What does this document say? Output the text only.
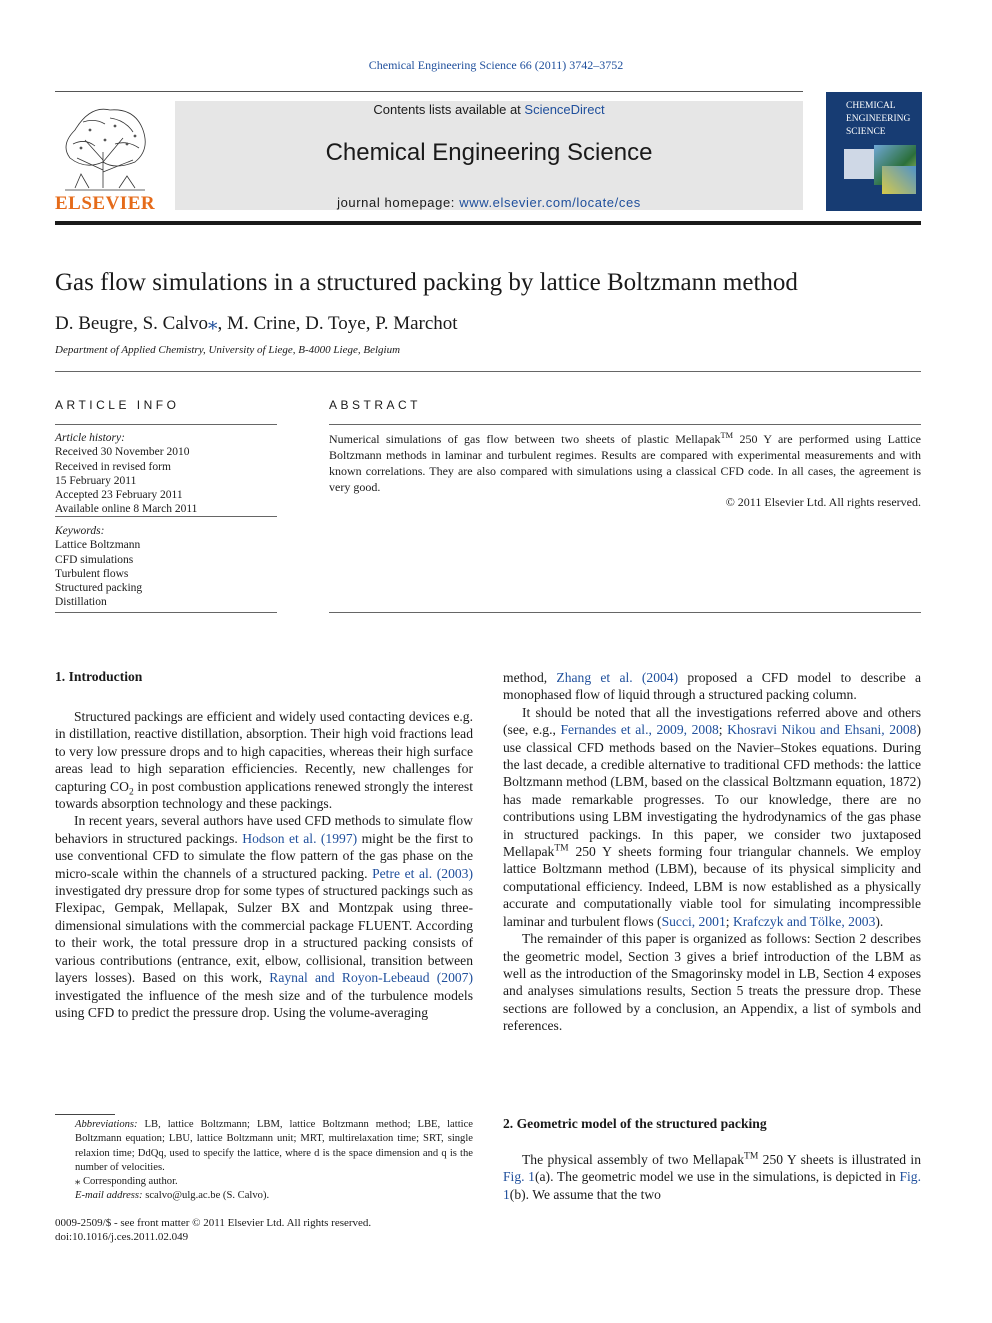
Chemical Engineering Science 66 (2011) 3742–3752
ELSEVIER
Contents lists available at ScienceDirect
Chemical Engineering Science
journal homepage: www.elsevier.com/locate/ces
CHEMICAL
ENGINEERING
SCIENCE
Gas flow simulations in a structured packing by lattice Boltzmann method
D. Beugre, S. Calvo⁎, M. Crine, D. Toye, P. Marchot
Department of Applied Chemistry, University of Liege, B-4000 Liege, Belgium
ARTICLE INFO	ABSTRACT
Article history:
Received 30 November 2010
Received in revised form
15 February 2011
Accepted 23 February 2011
Available online 8 March 2011
Keywords:
Lattice Boltzmann
CFD simulations
Turbulent flows
Structured packing
Distillation
Numerical simulations of gas flow between two sheets of plastic Mellapak™ 250 Y are performed using Lattice Boltzmann methods in laminar and turbulent regimes. Results are compared with experimental measurements and with known correlations. They are also compared with simulations using a classical CFD code. In all cases, the agreement is very good.
© 2011 Elsevier Ltd. All rights reserved.
1. Introduction

Structured packings are efficient and widely used contacting devices e.g. in distillation, reactive distillation, absorption. Their high void fractions lead to very low pressure drops and to high capacities, whereas their high surface areas lead to high separation efficiencies. Recently, new challenges for capturing $CO_2$ in post combustion applications renewed strongly the interest towards absorption technology and these packings.

In recent years, several authors have used CFD methods to simulate flow behaviors in structured packings. Hodson et al. (1997) might be the first to use conventional CFD to simulate the flow pattern of the gas phase on the micro-scale within the channels of a structured packing. Petre et al. (2003) investigated dry pressure drop for some types of structured packings such as Flexipac, Gempak, Mellapak, Sulzer BX and Montzpak using three-dimensional simulations with the commercial package FLUENT. According to their work, the total pressure drop in a structured packing consists of various contributions (entrance, exit, elbow, collisional, transition between layers losses). Based on this work, Raynal and Royon-Lebeaud (2007) investigated the influence of the mesh size and of the turbulence models using CFD to predict the pressure drop. Using the volume-averaging

method, Zhang et al. (2004) proposed a CFD model to describe a monophased flow of liquid through a structured packing column.

It should be noted that all the investigations referred above and others (see, e.g., Fernandes et al., 2009, 2008; Khosravi Nikou and Ehsani, 2008) use classical CFD methods based on the Navier–Stokes equations. During the last decade, a credible alternative to traditional CFD methods: the lattice Boltzmann method (LBM, based on the classical Boltzmann equation, 1872) has made remarkable progresses. To our knowledge, there are no contributions using LBM investigating the hydrodynamics of the gas phase in structured packings. In this paper, we consider two juxtaposed Mellapak™ 250 Y sheets forming four triangular channels. We employ lattice Boltzmann method (LBM), because of its physical simplicity and computational efficiency. Indeed, LBM is now established as a physically accurate and computationally viable tool for simulating incompressible laminar and turbulent flows (Succi, 2001; Krafczyk and Tölke, 2003).

The remainder of this paper is organized as follows: Section 2 describes the geometric model, Section 3 gives a brief introduction of the LBM as well as the introduction of the Smagorinsky model in LB, Section 4 exposes and analyses simulations results, Section 5 treats the pressure drop. These sections are followed by a conclusion, an Appendix, a list of symbols and references.

2. Geometric model of the structured packing

The physical assembly of two Mellapak™ 250 Y sheets is illustrated in Fig. 1(a). The geometric model we use in the simulations, is depicted in Fig. 1(b). We assume that the two

Abbreviations: LB, lattice Boltzmann; LBM, lattice Boltzmann method; LBE, lattice Boltzmann equation; LBU, lattice Boltzmann unit; MRT, multirelaxation time; SRT, single relaxion time; DdQq, used to specify the lattice, where d is the space dimension and q is the number of velocities.
⁎ Corresponding author.
E-mail address: scalvo@ulg.ac.be (S. Calvo).
0009-2509/$ - see front matter © 2011 Elsevier Ltd. All rights reserved.
doi:10.1016/j.ces.2011.02.049
